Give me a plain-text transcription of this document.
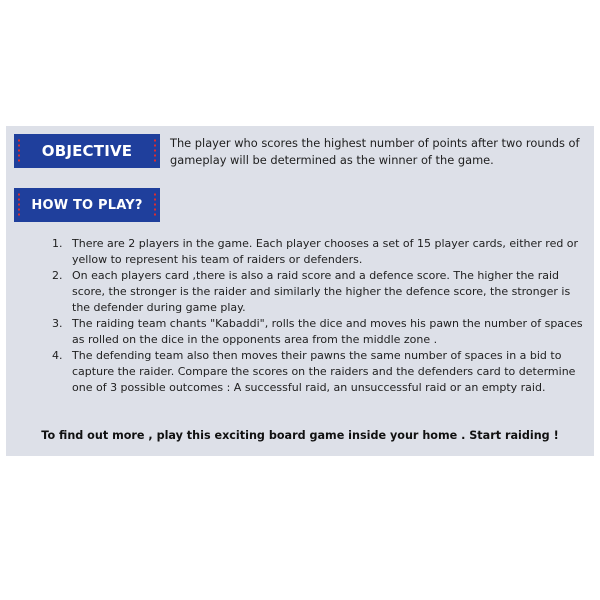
OBJECTIVE	The player who scores the highest number of points after two rounds of gameplay will be determined as the winner of the game.
HOW TO PLAY?
1. There are 2 players in the game. Each player chooses a set of 15 player cards, either red or yellow to represent his team of raiders or defenders.
2. On each players card ,there is also a raid score and a defence score. The higher the raid score, the stronger is the raider and similarly the higher the defence score, the stronger is the defender during game play.
3. The raiding team chants "Kabaddi", rolls the dice and moves his pawn the number of spaces as rolled on the dice in the opponents area from the middle zone .
4. The defending team also then moves their pawns the same number of spaces in a bid to capture the raider. Compare the scores on the raiders and the defenders card to determine one of 3 possible outcomes : A successful raid, an unsuccessful raid or an empty raid.
To find out more , play this exciting board game inside your home . Start raiding !
